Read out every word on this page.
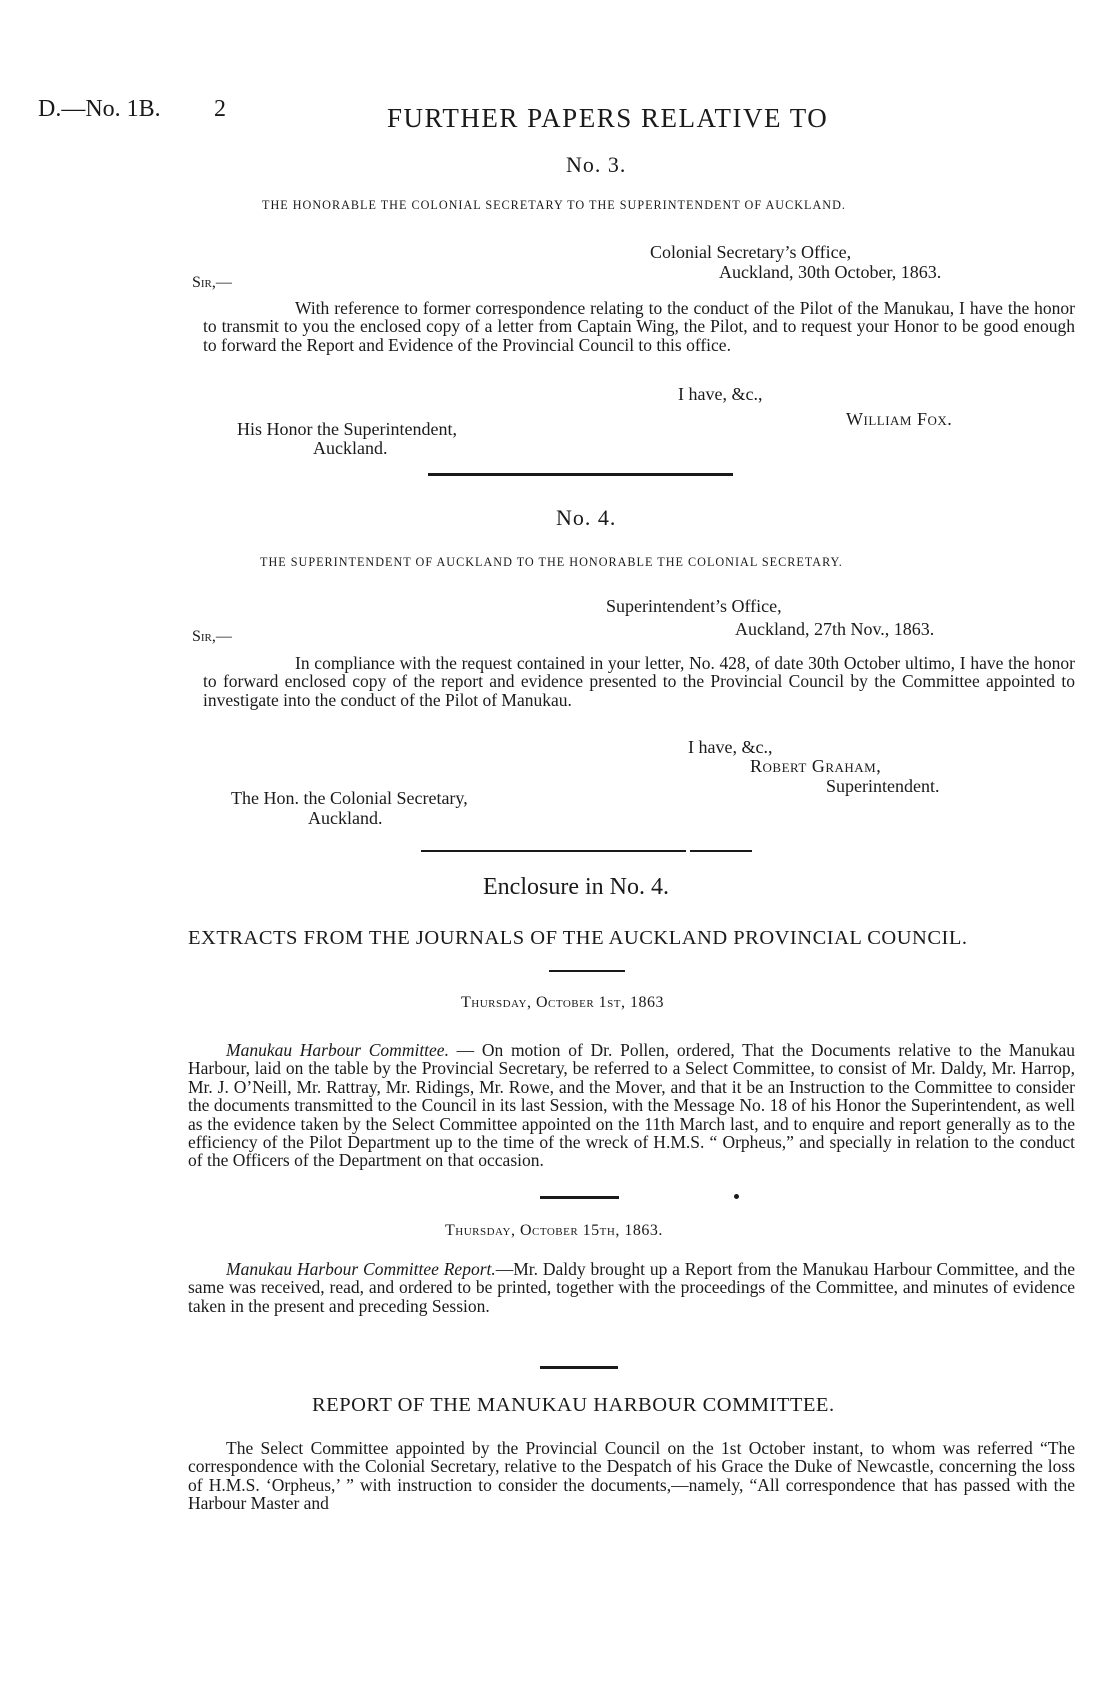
D.—No. 1B. 2	FURTHER PAPERS RELATIVE TO
No. 3.
THE HONORABLE THE COLONIAL SECRETARY TO THE SUPERINTENDENT OF AUCKLAND.
Colonial Secretary’s Office,
Auckland, 30th October, 1863.
Sir,—

With reference to former correspondence relating to the conduct of the Pilot of the Manukau, I have the honor to transmit to you the enclosed copy of a letter from Captain Wing, the Pilot, and to request your Honor to be good enough to forward the Report and Evidence of the Provincial Council to this office.

I have, &c.,
William Fox.
His Honor the Superintendent,
Auckland.
No. 4.
THE SUPERINTENDENT OF AUCKLAND TO THE HONORABLE THE COLONIAL SECRETARY.
Superintendent’s Office,
Auckland, 27th Nov., 1863.
Sir,—

In compliance with the request contained in your letter, No. 428, of date 30th October ultimo, I have the honor to forward enclosed copy of the report and evidence presented to the Provincial Council by the Committee appointed to investigate into the conduct of the Pilot of Manukau.

I have, &c.,
Robert Graham,
Superintendent.
The Hon. the Colonial Secretary,
Auckland.
Enclosure in No. 4.
EXTRACTS FROM THE JOURNALS OF THE AUCKLAND PROVINCIAL COUNCIL.
Thursday, October 1st, 1863

Manukau Harbour Committee. — On motion of Dr. Pollen, ordered, That the Documents relative to the Manukau Harbour, laid on the table by the Provincial Secretary, be referred to a Select Committee, to consist of Mr. Daldy, Mr. Harrop, Mr. J. O’Neill, Mr. Rattray, Mr. Ridings, Mr. Rowe, and the Mover, and that it be an Instruction to the Committee to consider the documents transmitted to the Council in its last Session, with the Message No. 18 of his Honor the Superintendent, as well as the evidence taken by the Select Committee appointed on the 11th March last, and to enquire and report generally as to the efficiency of the Pilot Department up to the time of the wreck of H.M.S. “ Orpheus,” and specially in relation to the conduct of the Officers of the Department on that occasion.

Thursday, October 15th, 1863.

Manukau Harbour Committee Report.—Mr. Daldy brought up a Report from the Manukau Harbour Committee, and the same was received, read, and ordered to be printed, together with the proceedings of the Committee, and minutes of evidence taken in the present and preceding Session.

REPORT OF THE MANUKAU HARBOUR COMMITTEE.

The Select Committee appointed by the Provincial Council on the 1st October instant, to whom was referred “The correspondence with the Colonial Secretary, relative to the Despatch of his Grace the Duke of Newcastle, concerning the loss of H.M.S. ‘Orpheus,’ ” with instruction to consider the documents,—namely, “All correspondence that has passed with the Harbour Master and
